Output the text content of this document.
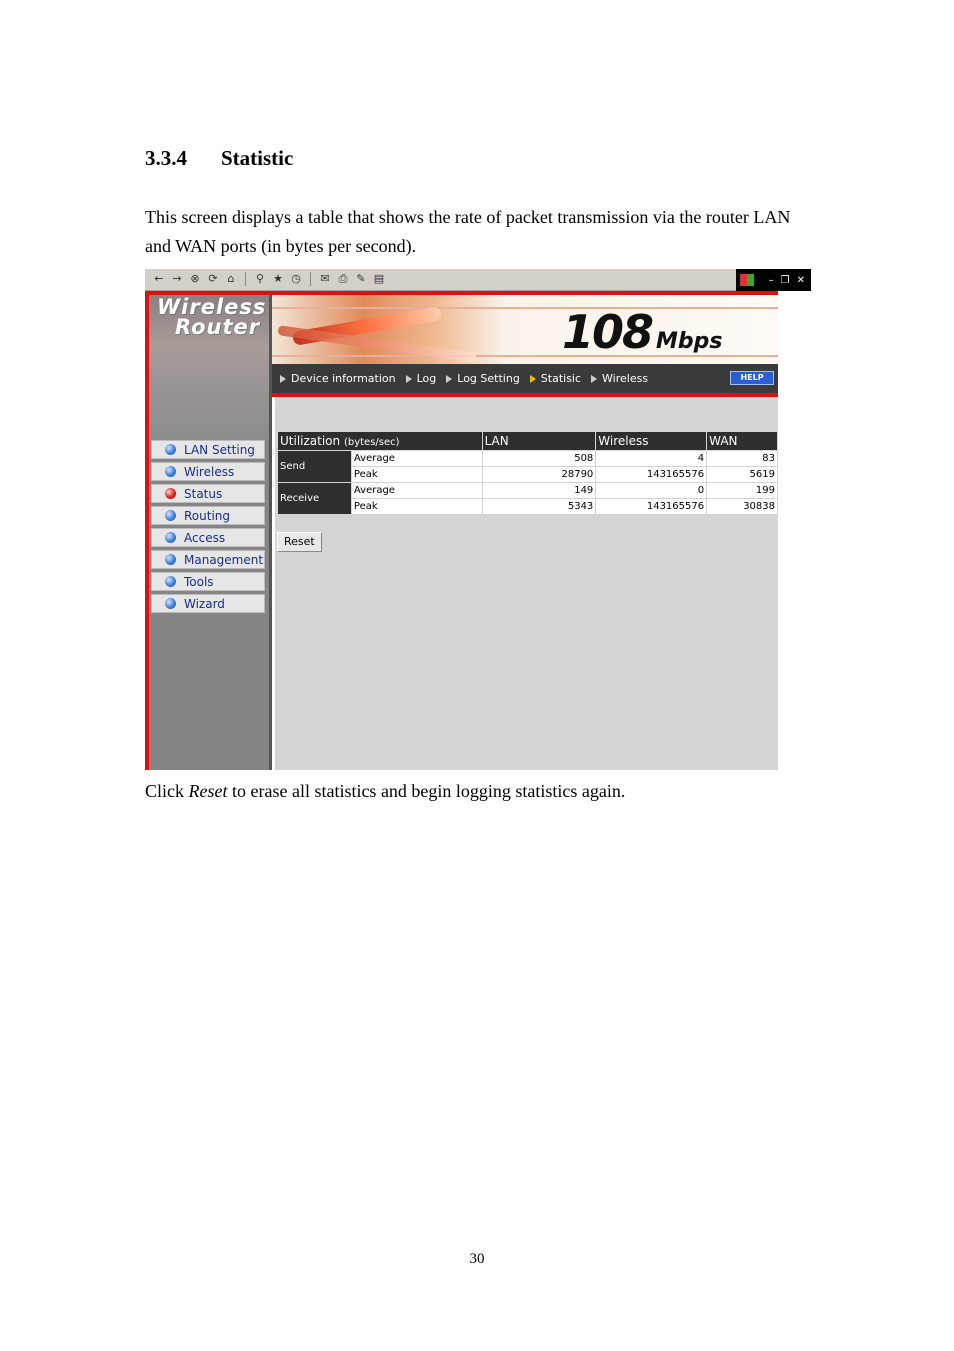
3.3.4 Statistic
This screen displays a table that shows the rate of packet transmission via the router LAN and WAN ports (in bytes per second).
← → ⊗ ⟳ ⌂ ⚲ ★ ◷ ✉ ⎙ ✎ ▤	– ❐ ✕
Wireless
Router
LAN Setting
Wireless
Status
Routing
Access
Management
Tools
Wizard
108 Mbps
Device information Log Log Setting Statisic Wireless	HELP
Utilization (bytes/sec)		LAN	Wireless	WAN
Send	Average	508	4	83
	Peak	28790	143165576	5619
Receive	Average	149	0	199
	Peak	5343	143165576	30838
Reset
Click Reset to erase all statistics and begin logging statistics again.
30
